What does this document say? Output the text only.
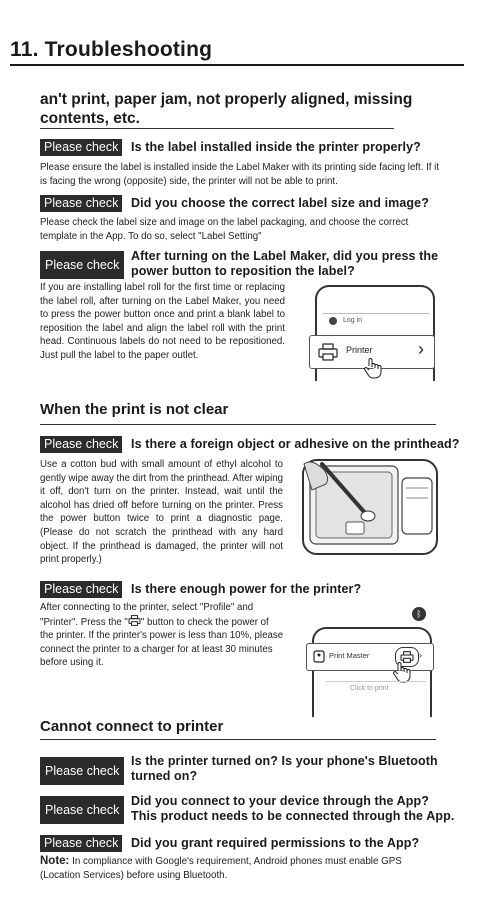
11. Troubleshooting
an't print, paper jam, not properly aligned, missing
contents, etc.
Please check	Is the label installed inside the printer properly?
Please ensure the label is installed inside the Label Maker with its printing side facing left. If it is facing the wrong (opposite) side, the printer will not be able to print.
Please check	Did you choose the correct label size and image?
Please check the label size and image on the label packaging, and choose the correct template in the App. To do so, select "Label Setting"
Please check
After turning on the Label Maker, did you press the
power button to reposition the label?
If you are installing label roll for the first time or replacing the label roll, after turning on the Label Maker, you need to press the power button once and print a blank label to reposition the label and align the label roll with the print head. Continuous labels do not need to be repositioned. Just pull the label to the paper outlet.
Log in
Printer	›
When the print is not clear
Please check	Is there a foreign object or adhesive on the printhead?
Use a cotton bud with small amount of ethyl alcohol to gently wipe away the dirt from the printhead. After wiping it off, don't turn on the printer. Instead, wait until the alcohol has dried off before turning on the printer. Press the power button twice to print a diagnostic page. (Please do not scratch the printhead with any hard object. If the printhead is damaged, the printer will not print properly.)
Please check	Is there enough power for the printer?
After connecting to the printer, select "Profile" and "Printer". Press the " " button to check the power of the printer. If the printer's power is less than 10%, please connect the printer to a charger for at least 30 minutes before using it.
ᛒ
Print Master	›
Click to print
Cannot connect to printer
Please check
Is the printer turned on? Is your phone's Bluetooth
turned on?
Please check
Did you connect to your device through the App?
This product needs to be connected through the App.
Please check	Did you grant required permissions to the App?
Note: In compliance with Google's requirement, Android phones must enable GPS (Location Services) before using Bluetooth.
